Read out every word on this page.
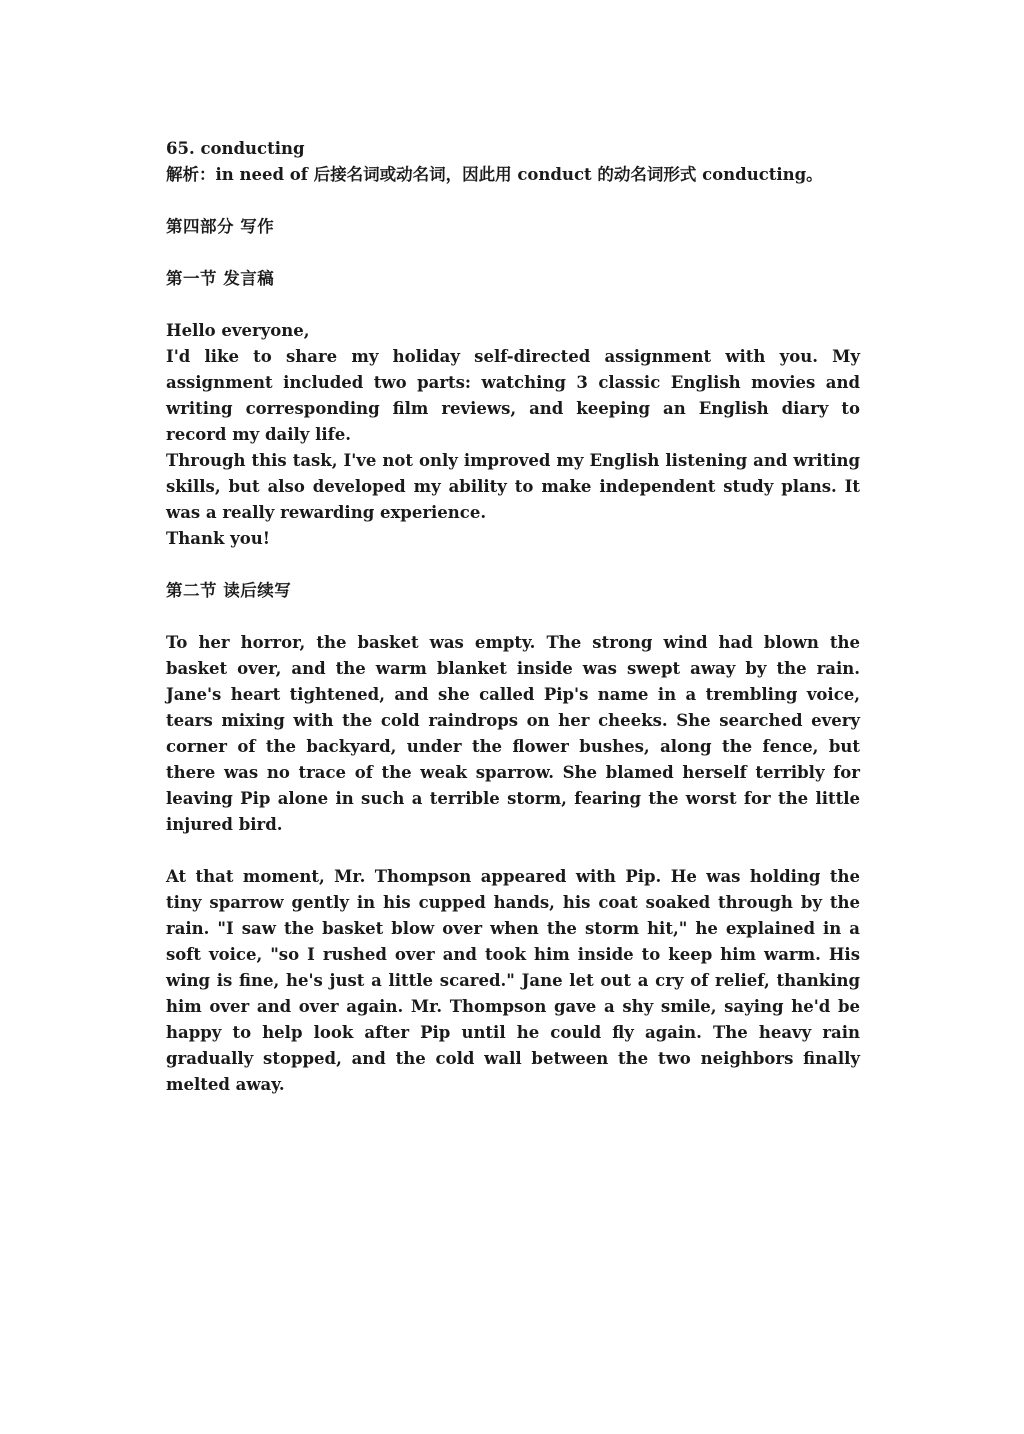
65. conducting

解析：in need of 后接名词或动名词，因此用 conduct 的动名词形式 conducting。

第四部分 写作

第一节 发言稿

Hello everyone,

I'd like to share my holiday self-directed assignment with you. My assignment included two parts: watching 3 classic English movies and writing corresponding film reviews, and keeping an English diary to record my daily life.

Through this task, I've not only improved my English listening and writing skills, but also developed my ability to make independent study plans. It was a really rewarding experience.

Thank you!

第二节 读后续写

To her horror, the basket was empty. The strong wind had blown the basket over, and the warm blanket inside was swept away by the rain. Jane's heart tightened, and she called Pip's name in a trembling voice, tears mixing with the cold raindrops on her cheeks. She searched every corner of the backyard, under the flower bushes, along the fence, but there was no trace of the weak sparrow. She blamed herself terribly for leaving Pip alone in such a terrible storm, fearing the worst for the little injured bird.

At that moment, Mr. Thompson appeared with Pip. He was holding the tiny sparrow gently in his cupped hands, his coat soaked through by the rain. "I saw the basket blow over when the storm hit," he explained in a soft voice, "so I rushed over and took him inside to keep him warm. His wing is fine, he's just a little scared." Jane let out a cry of relief, thanking him over and over again. Mr. Thompson gave a shy smile, saying he'd be happy to help look after Pip until he could fly again. The heavy rain gradually stopped, and the cold wall between the two neighbors finally melted away.
